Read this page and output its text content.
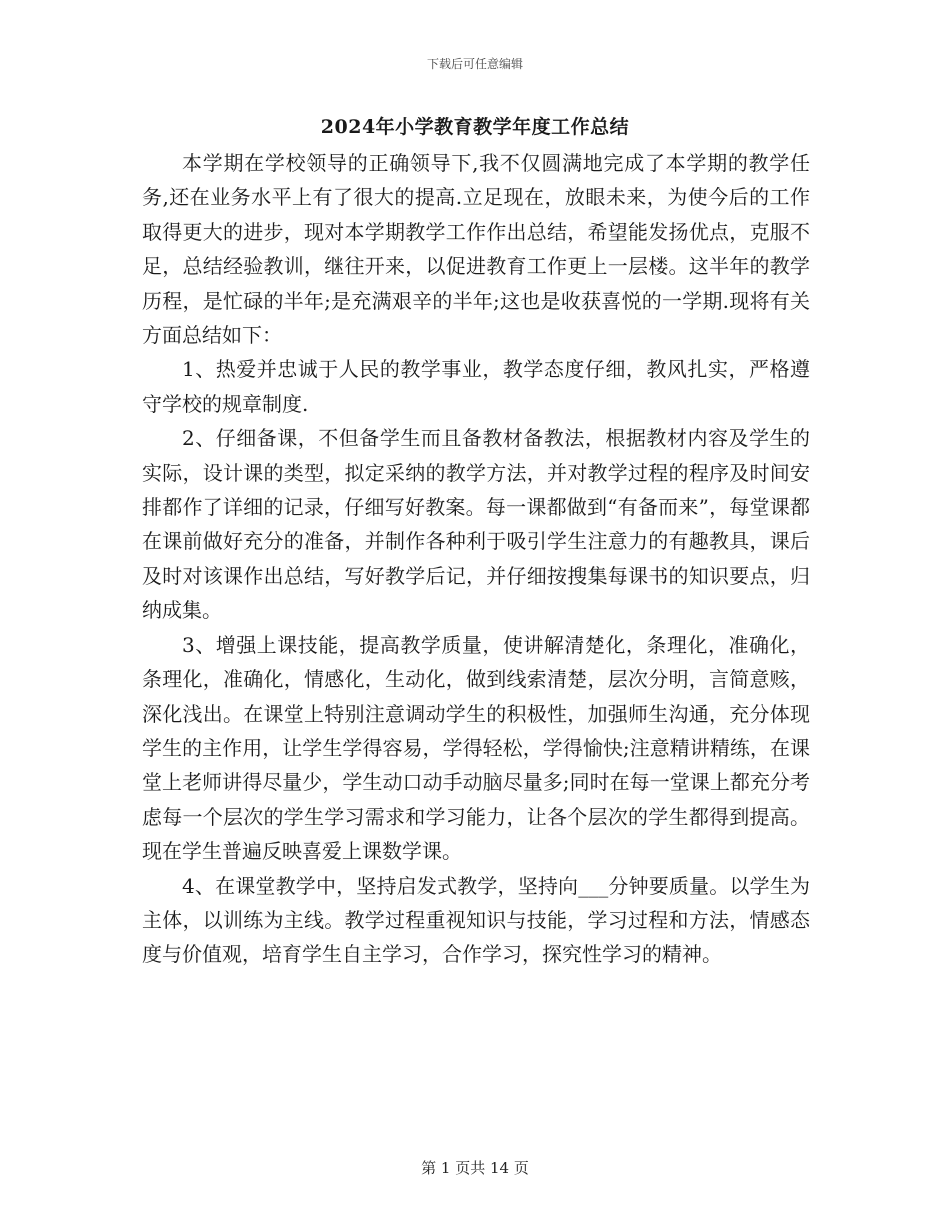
下载后可任意编辑
2024年小学教育教学年度工作总结

本学期在学校领导的正确领导下,我不仅圆满地完成了本学期的教学任务,还在业务水平上有了很大的提高.立足现在，放眼未来，为使今后的工作取得更大的进步，现对本学期教学工作作出总结，希望能发扬优点，克服不足，总结经验教训，继往开来，以促进教育工作更上一层楼。这半年的教学历程，是忙碌的半年;是充满艰辛的半年;这也是收获喜悦的一学期.现将有关方面总结如下：

1、热爱并忠诚于人民的教学事业，教学态度仔细，教风扎实，严格遵守学校的规章制度.

2、仔细备课，不但备学生而且备教材备教法，根据教材内容及学生的实际，设计课的类型，拟定采纳的教学方法，并对教学过程的程序及时间安排都作了详细的记录，仔细写好教案。每一课都做到“有备而来”，每堂课都在课前做好充分的准备，并制作各种利于吸引学生注意力的有趣教具，课后及时对该课作出总结，写好教学后记，并仔细按搜集每课书的知识要点，归纳成集。

3、增强上课技能，提高教学质量，使讲解清楚化，条理化，准确化，条理化，准确化，情感化，生动化，做到线索清楚，层次分明，言简意赅，深化浅出。在课堂上特别注意调动学生的积极性，加强师生沟通，充分体现学生的主作用，让学生学得容易，学得轻松，学得愉快;注意精讲精练，在课堂上老师讲得尽量少，学生动口动手动脑尽量多;同时在每一堂课上都充分考虑每一个层次的学生学习需求和学习能力，让各个层次的学生都得到提高。现在学生普遍反映喜爱上课数学课。

4、在课堂教学中，坚持启发式教学，坚持向___分钟要质量。以学生为主体，以训练为主线。教学过程重视知识与技能，学习过程和方法，情感态度与价值观，培育学生自主学习，合作学习，探究性学习的精神。

第 1 页共 14 页
